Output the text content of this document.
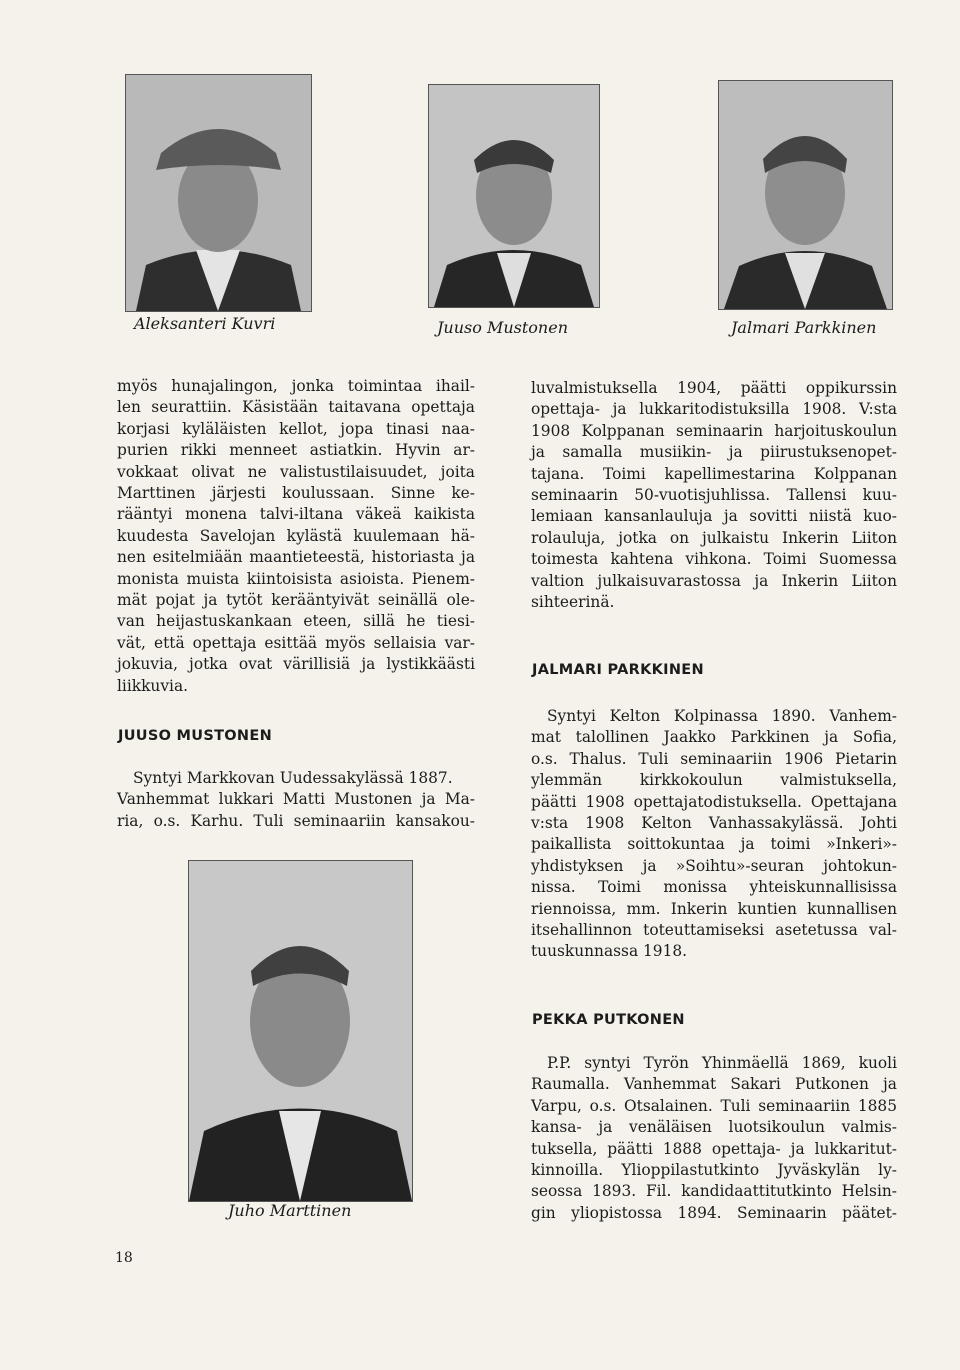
Aleksanteri Kuvri	Juuso Mustonen	Jalmari Parkkinen
Juho Marttinen

myös hunajalingon, jonka toimintaa ihail-

len seurattiin. Käsistään taitavana opettaja

korjasi kyläläisten kellot, jopa tinasi naa-

purien rikki menneet astiatkin. Hyvin ar-

vokkaat olivat ne valistustilaisuudet, joita

Marttinen järjesti koulussaan. Sinne ke-

rääntyi monena talvi-iltana väkeä kaikista

kuudesta Savelojan kylästä kuulemaan hä-

nen esitelmiään maantieteestä, historiasta ja

monista muista kiintoisista asioista. Pienem-

mät pojat ja tytöt kerääntyivät seinällä ole-

van heijastuskankaan eteen, sillä he tiesi-

vät, että opettaja esittää myös sellaisia var-

jokuvia, jotka ovat värillisiä ja lystikkäästi

liikkuvia.

JUUSO MUSTONEN

Syntyi Markkovan Uudessakylässä 1887.

Vanhemmat lukkari Matti Mustonen ja Ma-

ria, o.s. Karhu. Tuli seminaariin kansakou-

luvalmistuksella 1904, päätti oppikurssin

opettaja- ja lukkaritodistuksilla 1908. V:sta

1908 Kolppanan seminaarin harjoituskoulun

ja samalla musiikin- ja piirustuksenopet-

tajana. Toimi kapellimestarina Kolppanan

seminaarin 50-vuotisjuhlissa. Tallensi kuu-

lemiaan kansanlauluja ja sovitti niistä kuo-

rolauluja, jotka on julkaistu Inkerin Liiton

toimesta kahtena vihkona. Toimi Suomessa

valtion julkaisuvarastossa ja Inkerin Liiton

sihteerinä.

JALMARI PARKKINEN

Syntyi Kelton Kolpinassa 1890. Vanhem-

mat talollinen Jaakko Parkkinen ja Sofia,

o.s. Thalus. Tuli seminaariin 1906 Pietarin

ylemmän kirkkokoulun valmistuksella,

päätti 1908 opettajatodistuksella. Opettajana

v:sta 1908 Kelton Vanhassakylässä. Johti

paikallista soittokuntaa ja toimi »Inkeri»-

yhdistyksen ja »Soihtu»-seuran johtokun-

nissa. Toimi monissa yhteiskunnallisissa

riennoissa, mm. Inkerin kuntien kunnallisen

itsehallinnon toteuttamiseksi asetetussa val-

tuuskunnassa 1918.

PEKKA PUTKONEN

P.P. syntyi Tyrön Yhinmäellä 1869, kuoli

Raumalla. Vanhemmat Sakari Putkonen ja

Varpu, o.s. Otsalainen. Tuli seminaariin 1885

kansa- ja venäläisen luotsikoulun valmis-

tuksella, päätti 1888 opettaja- ja lukkaritut-

kinnoilla. Ylioppilastutkinto Jyväskylän ly-

seossa 1893. Fil. kandidaattitutkinto Helsin-

gin yliopistossa 1894. Seminaarin päätet-

18
